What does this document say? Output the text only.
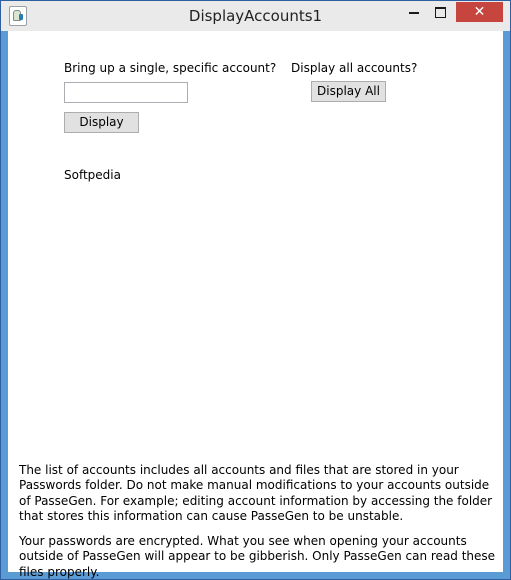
DisplayAccounts1	✕
Bring up a single, specific account?
Display
Display all accounts?
Display All
Softpedia
The list of accounts includes all accounts and files that are stored in your Passwords folder. Do not make manual modifications to your accounts outside of PasseGen. For example; editing account information by accessing the folder that stores this information can cause PasseGen to be unstable.
Your passwords are encrypted. What you see when opening your accounts outside of PasseGen will appear to be gibberish. Only PasseGen can read these files properly.
